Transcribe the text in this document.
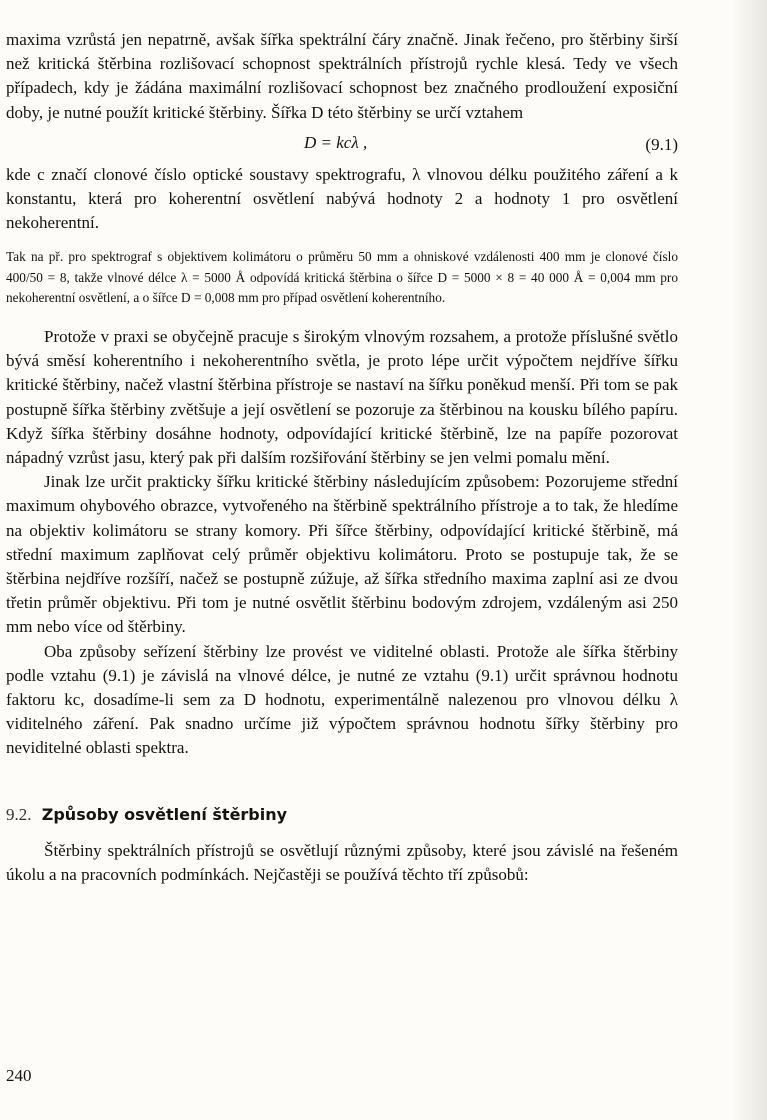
maxima vzrůstá jen nepatrně, avšak šířka spektrální čáry značně. Jinak řečeno, pro štěrbiny širší než kritická štěrbina rozlišovací schopnost spektrálních přístrojů rychle klesá. Tedy ve všech případech, kdy je žádána maximální rozlišovací schopnost bez značného prodloužení exposiční doby, je nutné použít kritické štěrbiny. Šířka D této štěrbiny se určí vztahem

D = kcλ ,	(9.1)

kde c značí clonové číslo optické soustavy spektrografu, λ vlnovou délku použitého záření a k konstantu, která pro koherentní osvětlení nabývá hodnoty 2 a hodnoty 1 pro osvětlení nekoherentní.

Tak na př. pro spektrograf s objektivem kolimátoru o průměru 50 mm a ohniskové vzdálenosti 400 mm je clonové číslo 400/50 = 8, takže vlnové délce λ = 5000 Å odpovídá kritická štěrbina o šířce D = 5000 × 8 = 40 000 Å = 0,004 mm pro nekoherentní osvětlení, a o šířce D = 0,008 mm pro případ osvětlení koherentního.

Protože v praxi se obyčejně pracuje s širokým vlnovým rozsahem, a protože příslušné světlo bývá směsí koherentního i nekoherentního světla, je proto lépe určit výpočtem nejdříve šířku kritické štěrbiny, načež vlastní štěrbina přístroje se nastaví na šířku poněkud menší. Při tom se pak postupně šířka štěrbiny zvětšuje a její osvětlení se pozoruje za štěrbinou na kousku bílého papíru. Když šířka štěrbiny dosáhne hodnoty, odpovídající kritické štěrbině, lze na papíře pozorovat nápadný vzrůst jasu, který pak při dalším rozšiřování štěrbiny se jen velmi pomalu mění.

Jinak lze určit prakticky šířku kritické štěrbiny následujícím způsobem: Pozorujeme střední maximum ohybového obrazce, vytvořeného na štěrbině spektrálního přístroje a to tak, že hledíme na objektiv kolimátoru se strany komory. Při šířce štěrbiny, odpovídající kritické štěrbině, má střední maximum zaplňovat celý průměr objektivu kolimátoru. Proto se postupuje tak, že se štěrbina nejdříve rozšíří, načež se postupně zúžuje, až šířka středního maxima zaplní asi ze dvou třetin průměr objektivu. Při tom je nutné osvětlit štěrbinu bodovým zdrojem, vzdáleným asi 250 mm nebo více od štěrbiny.

Oba způsoby seřízení štěrbiny lze provést ve viditelné oblasti. Protože ale šířka štěrbiny podle vztahu (9.1) je závislá na vlnové délce, je nutné ze vztahu (9.1) určit správnou hodnotu faktoru kc, dosadíme-li sem za D hodnotu, experimentálně nalezenou pro vlnovou délku λ viditelného záření. Pak snadno určíme již výpočtem správnou hodnotu šířky štěrbiny pro neviditelné oblasti spektra.

9.2. Způsoby osvětlení štěrbiny

Štěrbiny spektrálních přístrojů se osvětlují různými způsoby, které jsou závislé na řešeném úkolu a na pracovních podmínkách. Nejčastěji se používá těchto tří způsobů:

240
